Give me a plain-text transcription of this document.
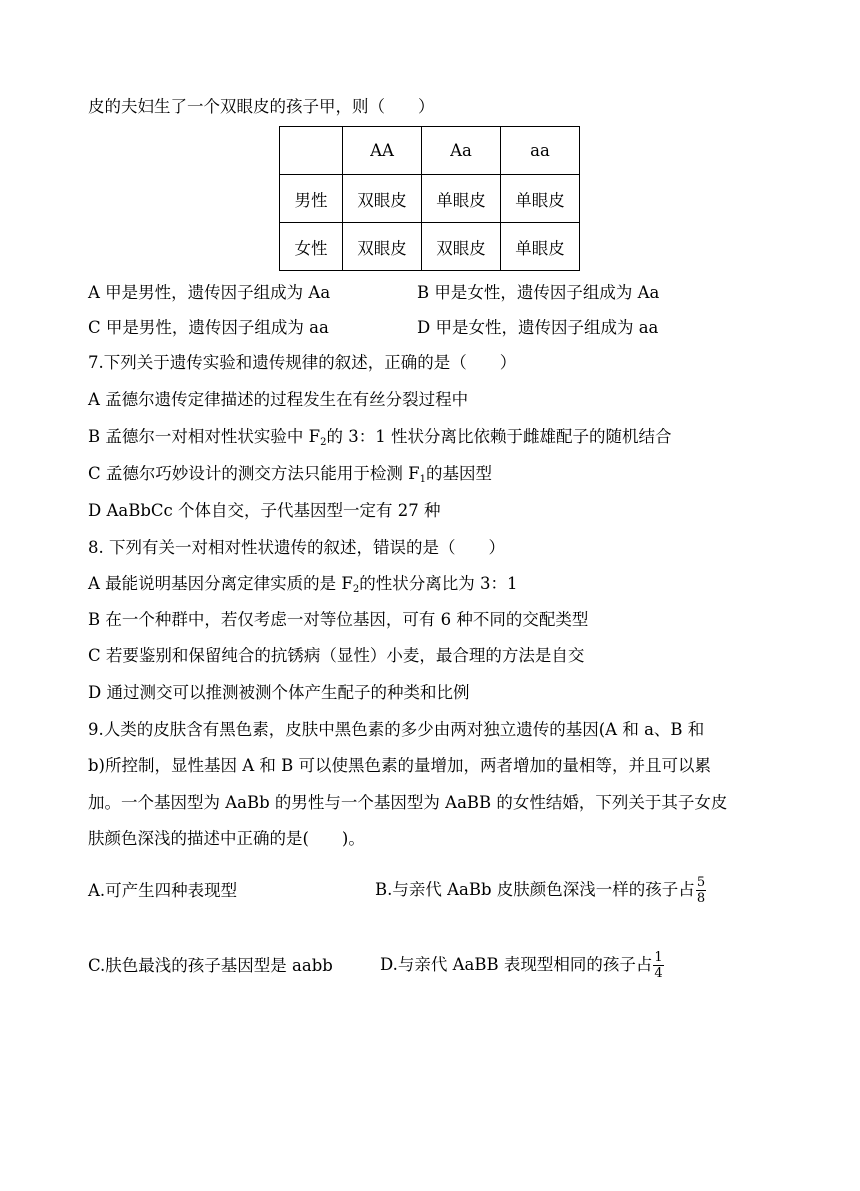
皮的夫妇生了一个双眼皮的孩子甲，则（　　）
	AA	Aa	aa
男性	双眼皮	单眼皮	单眼皮
女性	双眼皮	双眼皮	单眼皮
A 甲是男性，遗传因子组成为 Aa	B 甲是女性，遗传因子组成为 Aa
C 甲是男性，遗传因子组成为 aa	D 甲是女性，遗传因子组成为 aa
7.下列关于遗传实验和遗传规律的叙述，正确的是（　　）
A 孟德尔遗传定律描述的过程发生在有丝分裂过程中
B 孟德尔一对相对性状实验中 $F_2$的 3：1 性状分离比依赖于雌雄配子的随机结合
C 孟德尔巧妙设计的测交方法只能用于检测 $F_1$的基因型
D AaBbCc 个体自交，子代基因型一定有 27 种
8. 下列有关一对相对性状遗传的叙述，错误的是（　　）
A 最能说明基因分离定律实质的是 $F_2$的性状分离比为 3：1
B 在一个种群中，若仅考虑一对等位基因，可有 6 种不同的交配类型
C 若要鉴别和保留纯合的抗锈病（显性）小麦，最合理的方法是自交
D 通过测交可以推测被测个体产生配子的种类和比例
9.人类的皮肤含有黑色素，皮肤中黑色素的多少由两对独立遗传的基因(A 和 a、B 和
b)所控制，显性基因 A 和 B 可以使黑色素的量增加，两者增加的量相等，并且可以累
加。一个基因型为 AaBb 的男性与一个基因型为 AaBB 的女性结婚，下列关于其子女皮
肤颜色深浅的描述中正确的是(　　)。
A.可产生四种表现型	B.与亲代 AaBb 皮肤颜色深浅一样的孩子占 $\frac{5}{8}$
C.肤色最浅的孩子基因型是 aabb	D.与亲代 AaBB 表现型相同的孩子占 $\frac{1}{4}$
